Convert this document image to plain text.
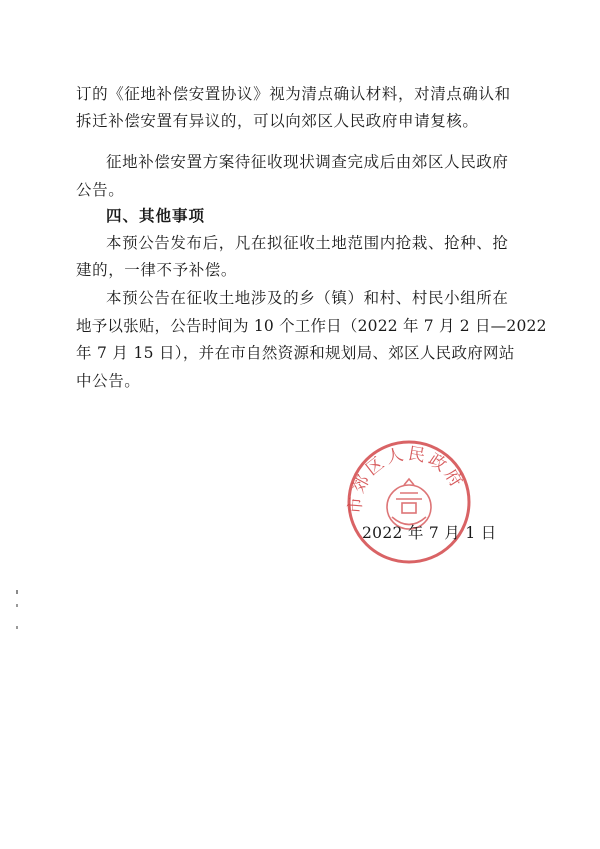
订的《征地补偿安置协议》视为清点确认材料，对清点确认和
拆迁补偿安置有异议的，可以向郊区人民政府申请复核。
征地补偿安置方案待征收现状调查完成后由郊区人民政府
公告。
四、其他事项
本预公告发布后，凡在拟征收土地范围内抢栽、抢种、抢
建的，一律不予补偿。
本预公告在征收土地涉及的乡（镇）和村、村民小组所在
地予以张贴，公告时间为 10 个工作日（2022 年 7 月 2 日—2022
年 7 月 15 日），并在市自然资源和规划局、郊区人民政府网站
中公告。
市郊区人民政府
2022 年 7 月 1 日
